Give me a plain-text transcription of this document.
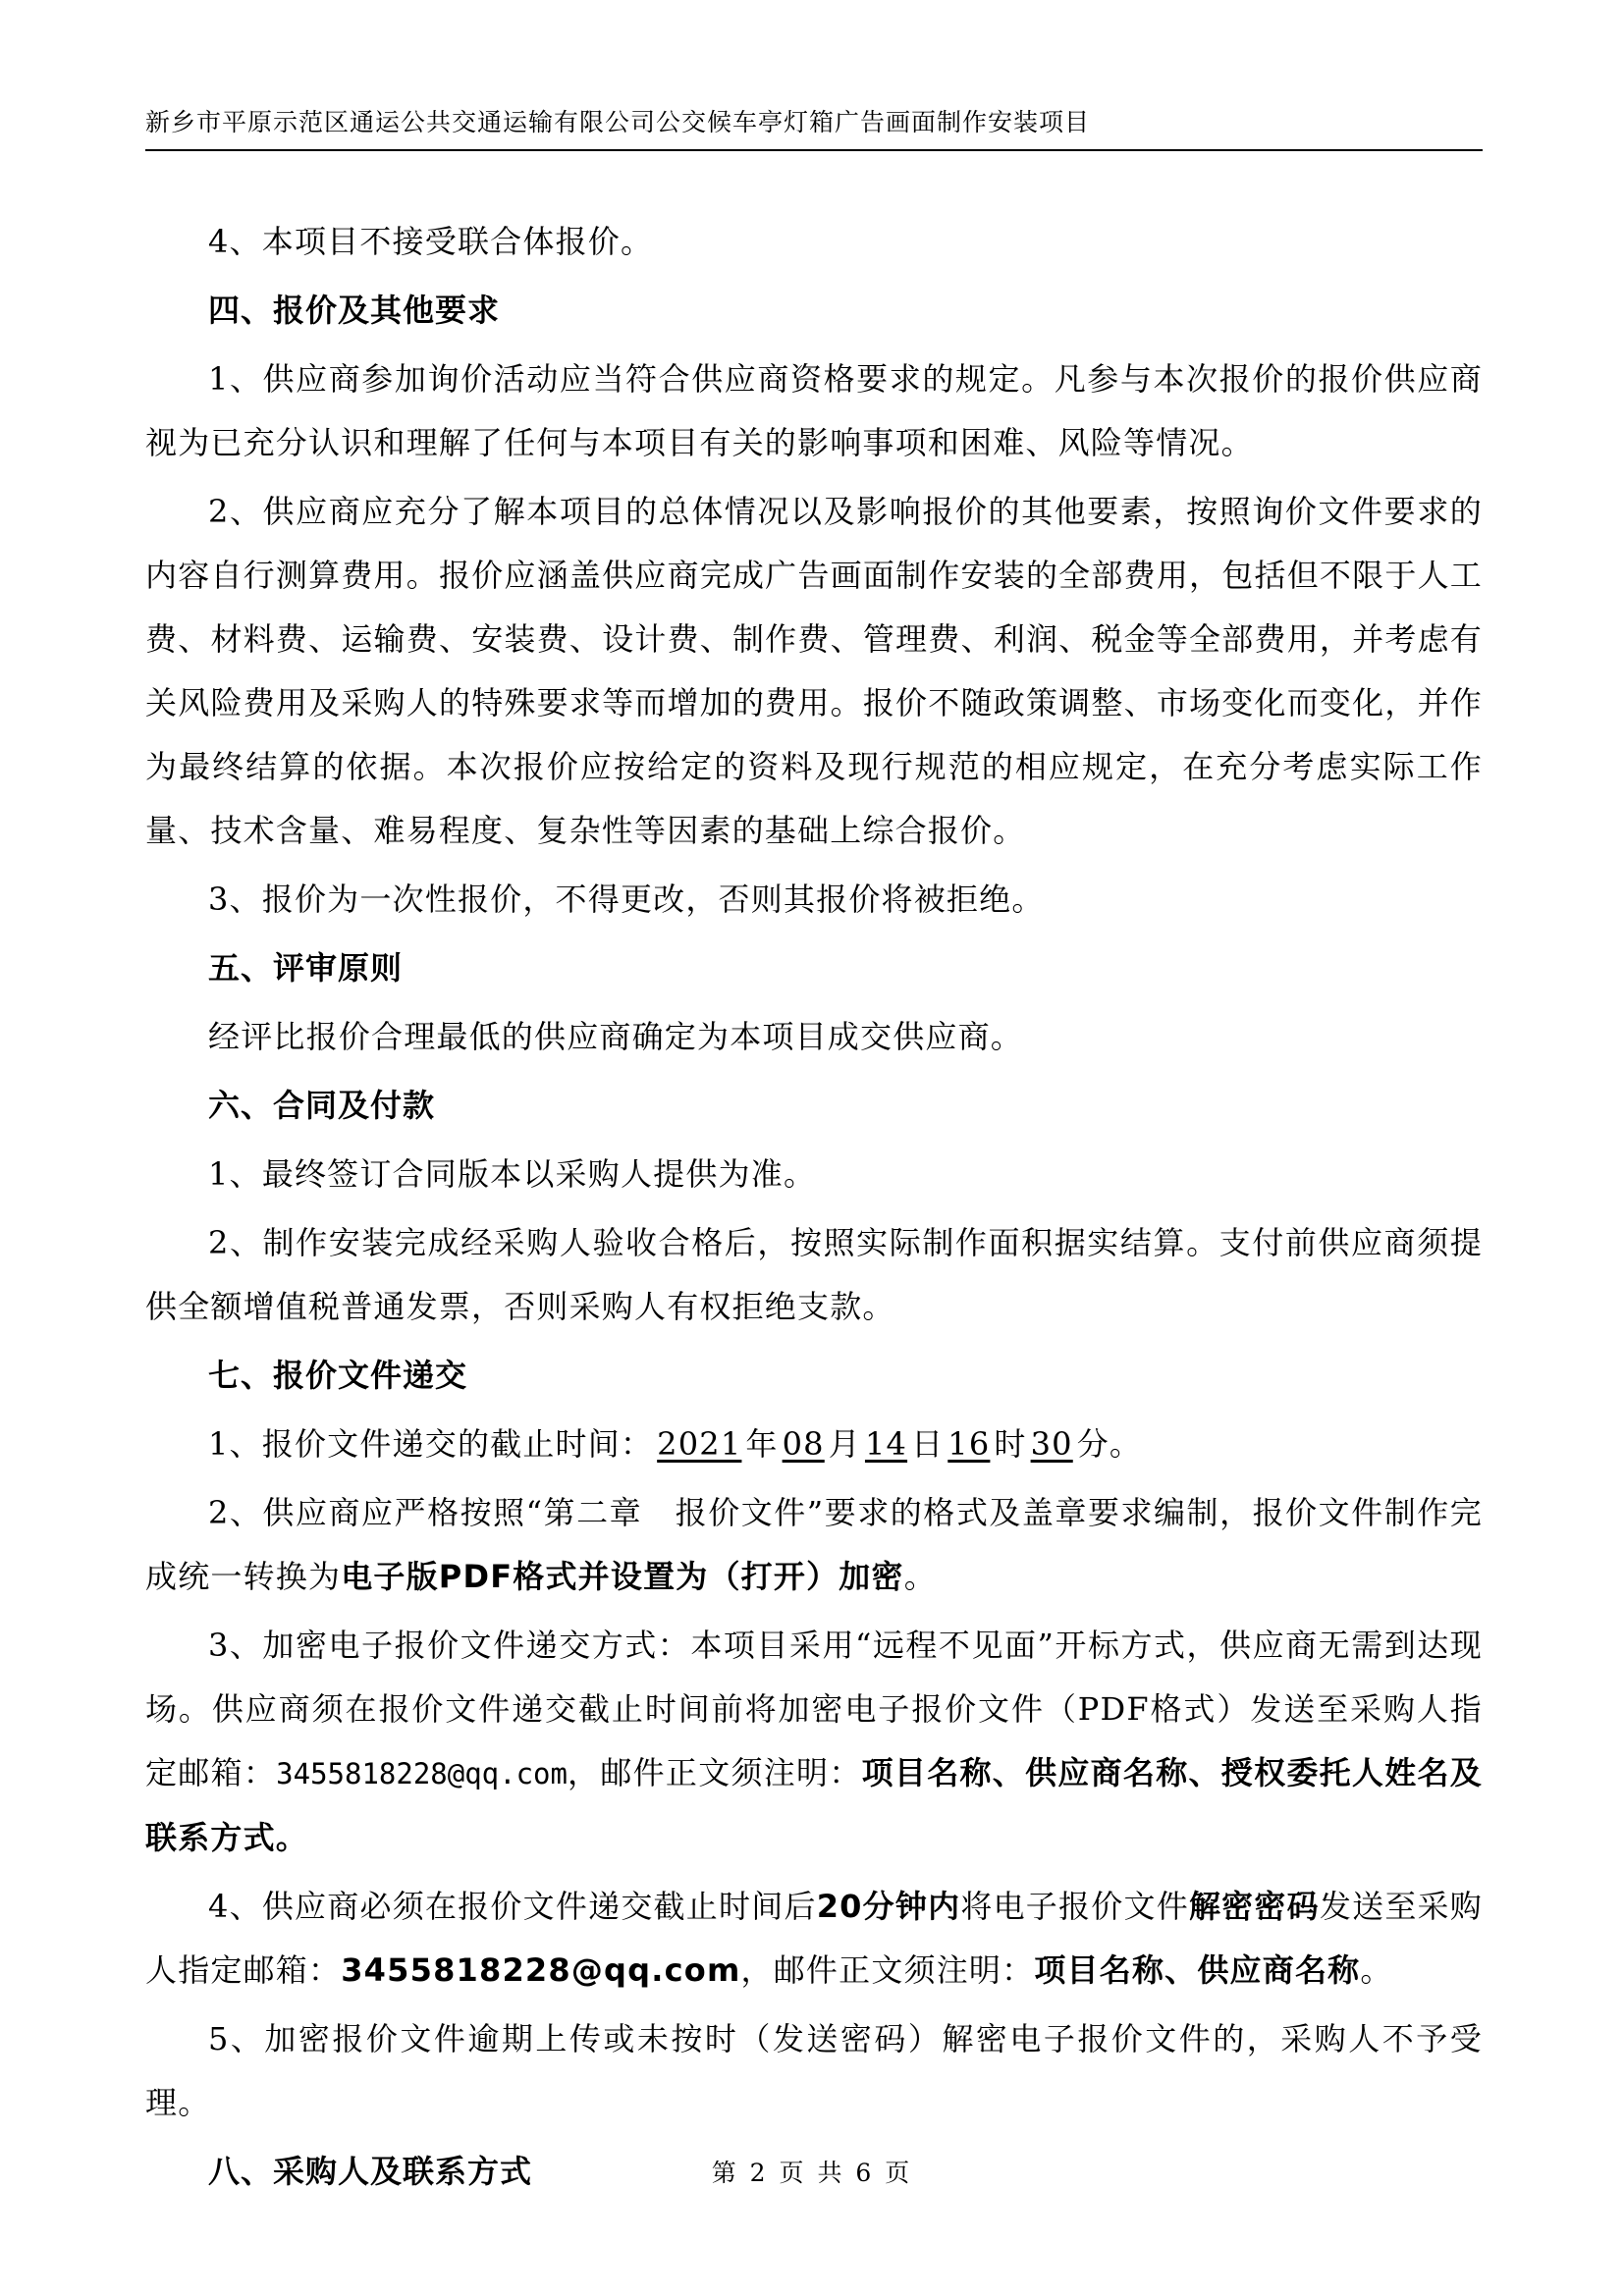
新乡市平原示范区通运公共交通运输有限公司公交候车亭灯箱广告画面制作安装项目
4、本项目不接受联合体报价。
四、报价及其他要求
1、供应商参加询价活动应当符合供应商资格要求的规定。凡参与本次报价的报价供应商视为已充分认识和理解了任何与本项目有关的影响事项和困难、风险等情况。
2、供应商应充分了解本项目的总体情况以及影响报价的其他要素，按照询价文件要求的内容自行测算费用。报价应涵盖供应商完成广告画面制作安装的全部费用，包括但不限于人工费、材料费、运输费、安装费、设计费、制作费、管理费、利润、税金等全部费用，并考虑有关风险费用及采购人的特殊要求等而增加的费用。报价不随政策调整、市场变化而变化，并作为最终结算的依据。本次报价应按给定的资料及现行规范的相应规定，在充分考虑实际工作量、技术含量、难易程度、复杂性等因素的基础上综合报价。
3、报价为一次性报价，不得更改，否则其报价将被拒绝。
五、评审原则
经评比报价合理最低的供应商确定为本项目成交供应商。
六、合同及付款
1、最终签订合同版本以采购人提供为准。
2、制作安装完成经采购人验收合格后，按照实际制作面积据实结算。支付前供应商须提供全额增值税普通发票，否则采购人有权拒绝支款。
七、报价文件递交
1、报价文件递交的截止时间： 2021 年 08 月 14 日 16 时 30 分。
2、供应商应严格按照“第二章　报价文件”要求的格式及盖章要求编制，报价文件制作完成统一转换为电子版PDF格式并设置为（打开）加密。
3、加密电子报价文件递交方式：本项目采用“远程不见面”开标方式，供应商无需到达现场。供应商须在报价文件递交截止时间前将加密电子报价文件（PDF格式）发送至采购人指定邮箱：3455818228@qq.com，邮件正文须注明：项目名称、供应商名称、授权委托人姓名及联系方式。
4、供应商必须在报价文件递交截止时间后20分钟内将电子报价文件解密密码发送至采购人指定邮箱：3455818228@qq.com，邮件正文须注明：项目名称、供应商名称。
5、加密报价文件逾期上传或未按时（发送密码）解密电子报价文件的，采购人不予受理。
八、采购人及联系方式	第 2 页 共 6 页
